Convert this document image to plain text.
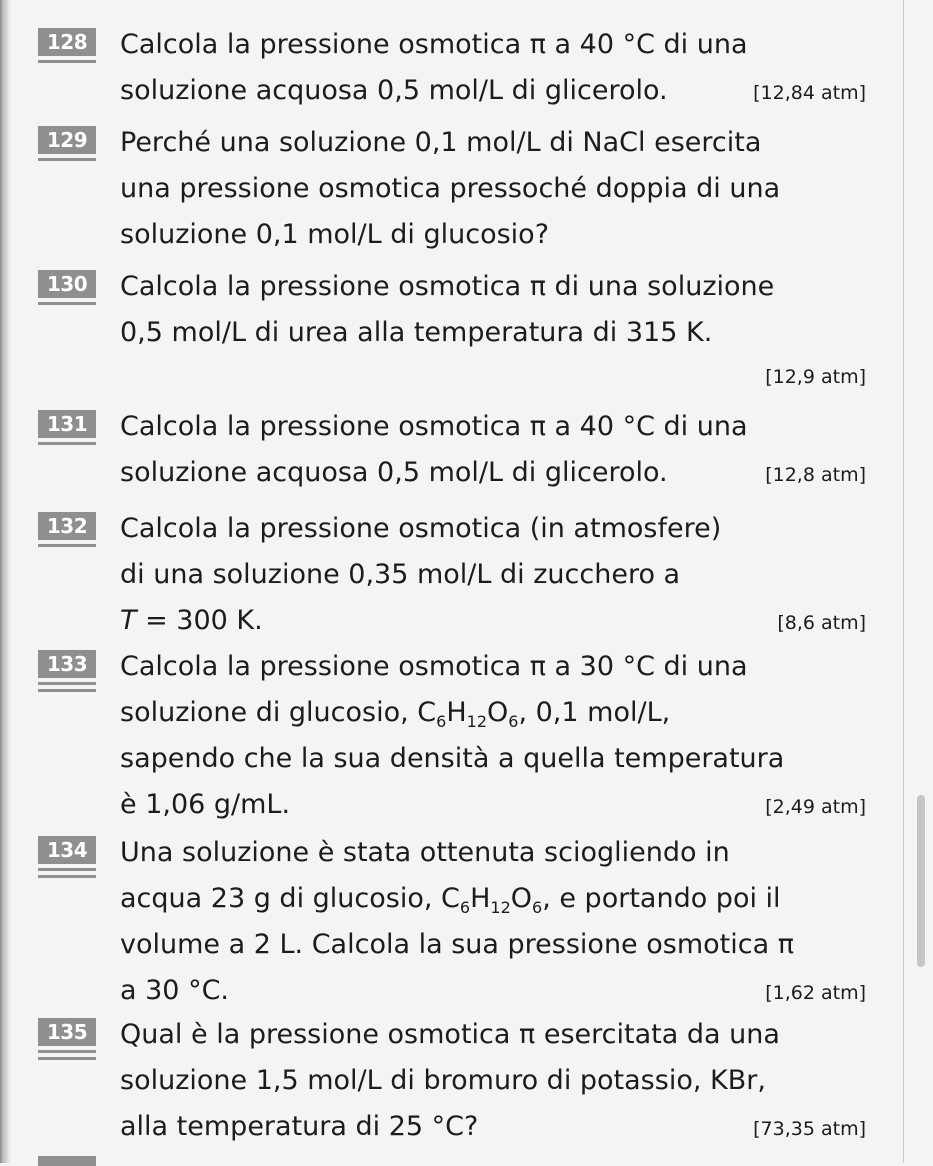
128	Calcola la pressione osmotica π a 40 °C di una
soluzione acquosa 0,5 mol/L di glicerolo.	[12,84 atm]
129	Perché una soluzione 0,1 mol/L di NaCl esercita
una pressione osmotica pressoché doppia di una
soluzione 0,1 mol/L di glucosio?
130	Calcola la pressione osmotica π di una soluzione
0,5 mol/L di urea alla temperatura di 315 K.
[12,9 atm]
131	Calcola la pressione osmotica π a 40 °C di una
soluzione acquosa 0,5 mol/L di glicerolo.	[12,8 atm]
132	Calcola la pressione osmotica (in atmosfere)
di una soluzione 0,35 mol/L di zucchero a
T = 300 K.	[8,6 atm]
133	Calcola la pressione osmotica π a 30 °C di una
soluzione di glucosio, $C_6H_{12}O_6$, 0,1 mol/L,
sapendo che la sua densità a quella temperatura
è 1,06 g/mL.	[2,49 atm]
134	Una soluzione è stata ottenuta sciogliendo in
acqua 23 g di glucosio, $C_6H_{12}O_6$, e portando poi il
volume a 2 L. Calcola la sua pressione osmotica π
a 30 °C.	[1,62 atm]
135	Qual è la pressione osmotica π esercitata da una
soluzione 1,5 mol/L di bromuro di potassio, KBr,
alla temperatura di 25 °C?	[73,35 atm]
